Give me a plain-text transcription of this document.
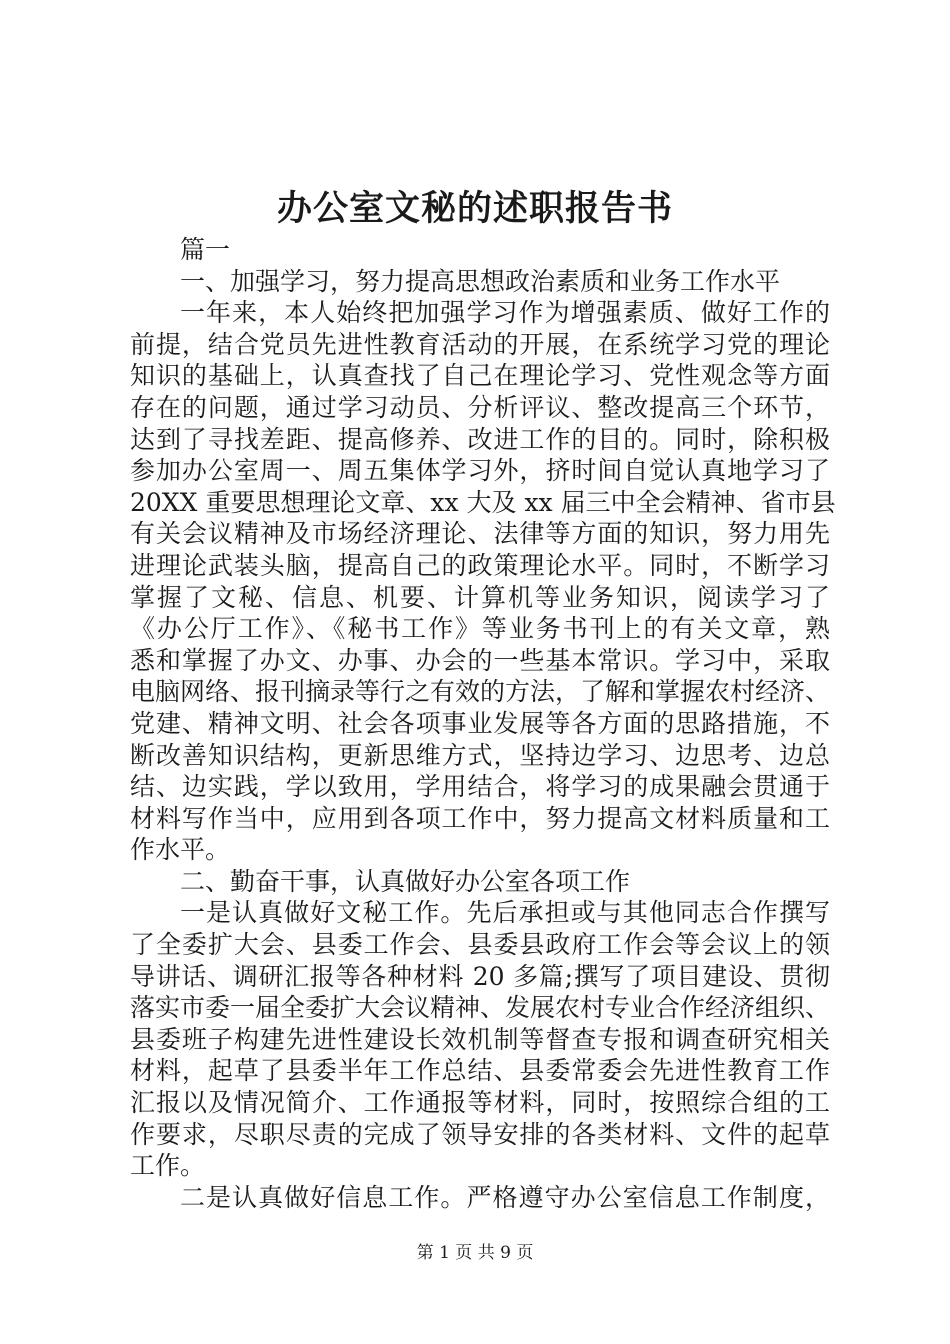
办公室文秘的述职报告书
篇一
一、加强学习，努力提高思想政治素质和业务工作水平
一年来，本人始终把加强学习作为增强素质、做好工作的
前提，结合党员先进性教育活动的开展，在系统学习党的理论
知识的基础上，认真查找了自己在理论学习、党性观念等方面
存在的问题，通过学习动员、分析评议、整改提高三个环节，
达到了寻找差距、提高修养、改进工作的目的。同时，除积极
参加办公室周一、周五集体学习外，挤时间自觉认真地学习了
20XX 重要思想理论文章、xx 大及 xx 届三中全会精神、省市县
有关会议精神及市场经济理论、法律等方面的知识，努力用先
进理论武装头脑，提高自己的政策理论水平。同时，不断学习
掌握了文秘、信息、机要、计算机等业务知识，阅读学习了
《办公厅工作》、《秘书工作》等业务书刊上的有关文章，熟
悉和掌握了办文、办事、办会的一些基本常识。学习中，采取
电脑网络、报刊摘录等行之有效的方法，了解和掌握农村经济、
党建、精神文明、社会各项事业发展等各方面的思路措施，不
断改善知识结构，更新思维方式，坚持边学习、边思考、边总
结、边实践，学以致用，学用结合，将学习的成果融会贯通于
材料写作当中，应用到各项工作中，努力提高文材料质量和工
作水平。
二、勤奋干事，认真做好办公室各项工作
一是认真做好文秘工作。先后承担或与其他同志合作撰写
了全委扩大会、县委工作会、县委县政府工作会等会议上的领
导讲话、调研汇报等各种材料 20 多篇;撰写了项目建设、贯彻
落实市委一届全委扩大会议精神、发展农村专业合作经济组织、
县委班子构建先进性建设长效机制等督查专报和调查研究相关
材料，起草了县委半年工作总结、县委常委会先进性教育工作
汇报以及情况简介、工作通报等材料，同时，按照综合组的工
作要求，尽职尽责的完成了领导安排的各类材料、文件的起草
工作。
二是认真做好信息工作。严格遵守办公室信息工作制度，
第 1 页 共 9 页
